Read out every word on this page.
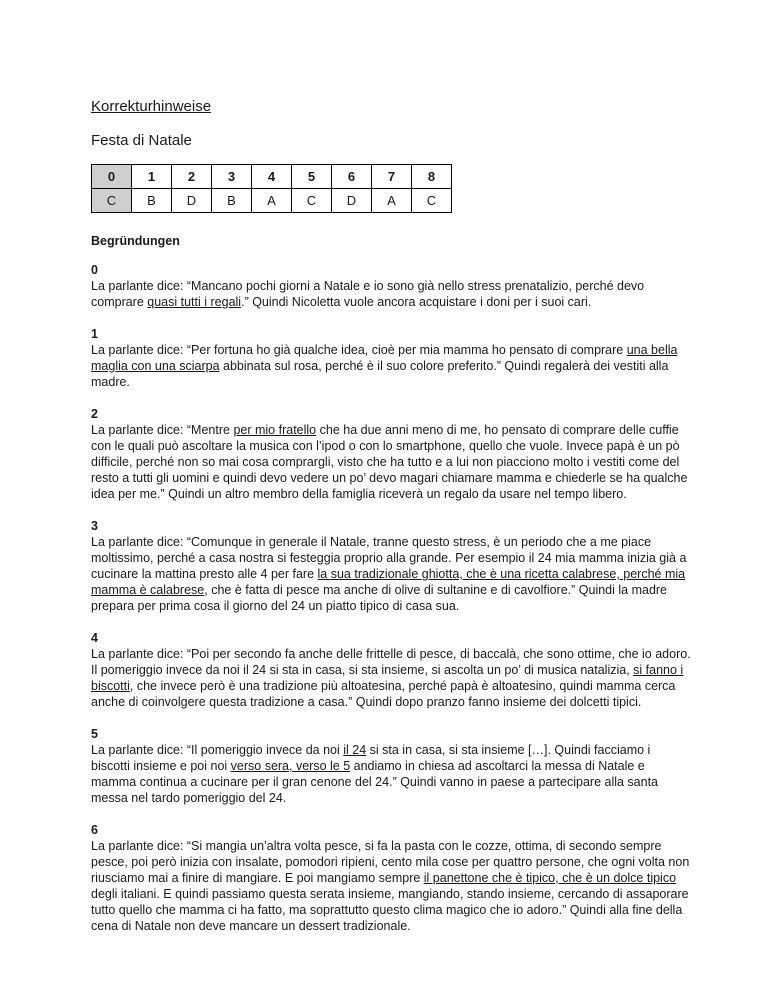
Korrekturhinweise
Festa di Natale
0	1	2	3	4	5	6	7	8
C	B	D	B	A	C	D	A	C
Begründungen
0
La parlante dice: “Mancano pochi giorni a Natale e io sono già nello stress prenatalizio, perché devo comprare quasi tutti i regali.” Quindi Nicoletta vuole ancora acquistare i doni per i suoi cari.
1
La parlante dice: “Per fortuna ho già qualche idea, cioè per mia mamma ho pensato di comprare una bella maglia con una sciarpa abbinata sul rosa, perché è il suo colore preferito.” Quindi regalerà dei vestiti alla madre.
2
La parlante dice: “Mentre per mio fratello che ha due anni meno di me, ho pensato di comprare delle cuffie con le quali può ascoltare la musica con l’ipod o con lo smartphone, quello che vuole. Invece papà è un pò difficile, perché non so mai cosa comprargli, visto che ha tutto e a lui non piacciono molto i vestiti come del resto a tutti gli uomini e quindi devo vedere un po’ devo magari chiamare mamma e chiederle se ha qualche idea per me.” Quindi un altro membro della famiglia riceverà un regalo da usare nel tempo libero.
3
La parlante dice: “Comunque in generale il Natale, tranne questo stress, è un periodo che a me piace moltissimo, perché a casa nostra si festeggia proprio alla grande. Per esempio il 24 mia mamma inizia già a cucinare la mattina presto alle 4 per fare la sua tradizionale ghiotta, che è una ricetta calabrese, perché mia mamma è calabrese, che è fatta di pesce ma anche di olive di sultanine e di cavolfiore.” Quindi la madre prepara per prima cosa il giorno del 24 un piatto tipico di casa sua.
4
La parlante dice: “Poi per secondo fa anche delle frittelle di pesce, di baccalà, che sono ottime, che io adoro. Il pomeriggio invece da noi il 24 si sta in casa, si sta insieme, si ascolta un po’ di musica natalizia, si fanno i biscotti, che invece però è una tradizione più altoatesina, perché papà è altoatesino, quindi mamma cerca anche di coinvolgere questa tradizione a casa.” Quindi dopo pranzo fanno insieme dei dolcetti tipici.
5
La parlante dice: “Il pomeriggio invece da noi il 24 si sta in casa, si sta insieme […]. Quindi facciamo i biscotti insieme e poi noi verso sera, verso le 5 andiamo in chiesa ad ascoltarci la messa di Natale e mamma continua a cucinare per il gran cenone del 24.” Quindi vanno in paese a partecipare alla santa messa nel tardo pomeriggio del 24.
6
La parlante dice: “Si mangia un’altra volta pesce, si fa la pasta con le cozze, ottima, di secondo sempre pesce, poi però inizia con insalate, pomodori ripieni, cento mila cose per quattro persone, che ogni volta non riusciamo mai a finire di mangiare. E poi mangiamo sempre il panettone che è tipico, che è un dolce tipico degli italiani. E quindi passiamo questa serata insieme, mangiando, stando insieme, cercando di assaporare tutto quello che mamma ci ha fatto, ma soprattutto questo clima magico che io adoro.” Quindi alla fine della cena di Natale non deve mancare un dessert tradizionale.
